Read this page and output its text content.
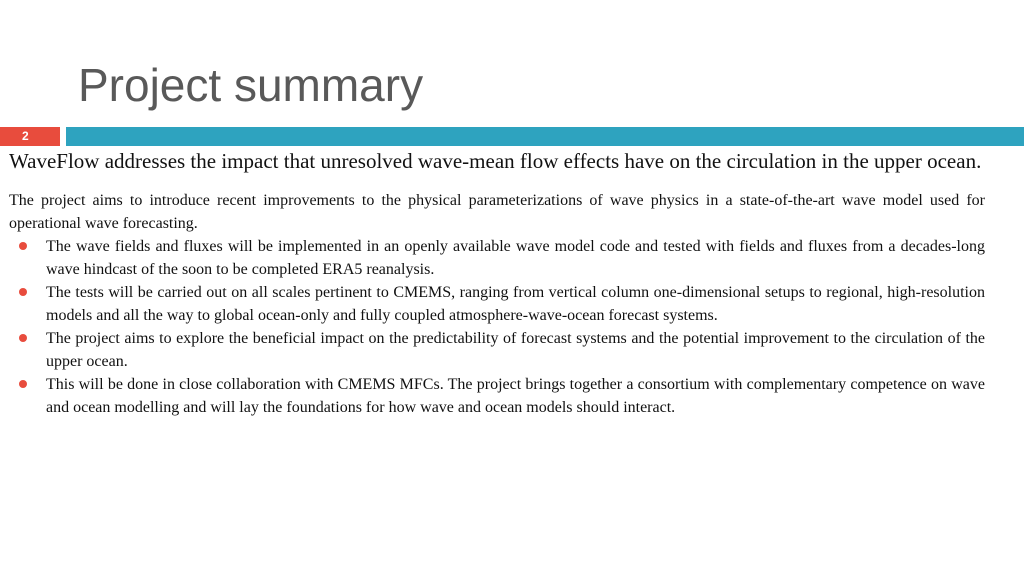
Project summary
2

WaveFlow addresses the impact that unresolved wave-mean flow effects have on the circulation in the upper ocean.

The project aims to introduce recent improvements to the physical parameterizations of wave physics in a state-of-the-art wave model used for operational wave forecasting.

The wave fields and fluxes will be implemented in an openly available wave model code and tested with fields and fluxes from a decades-long wave hindcast of the soon to be completed ERA5 reanalysis.
The tests will be carried out on all scales pertinent to CMEMS, ranging from vertical column one-dimensional setups to regional, high-resolution models and all the way to global ocean-only and fully coupled atmosphere-wave-ocean forecast systems.
The project aims to explore the beneficial impact on the predictability of forecast systems and the potential improvement to the circulation of the upper ocean.
This will be done in close collaboration with CMEMS MFCs. The project brings together a consortium with complementary competence on wave and ocean modelling and will lay the foundations for how wave and ocean models should interact.
